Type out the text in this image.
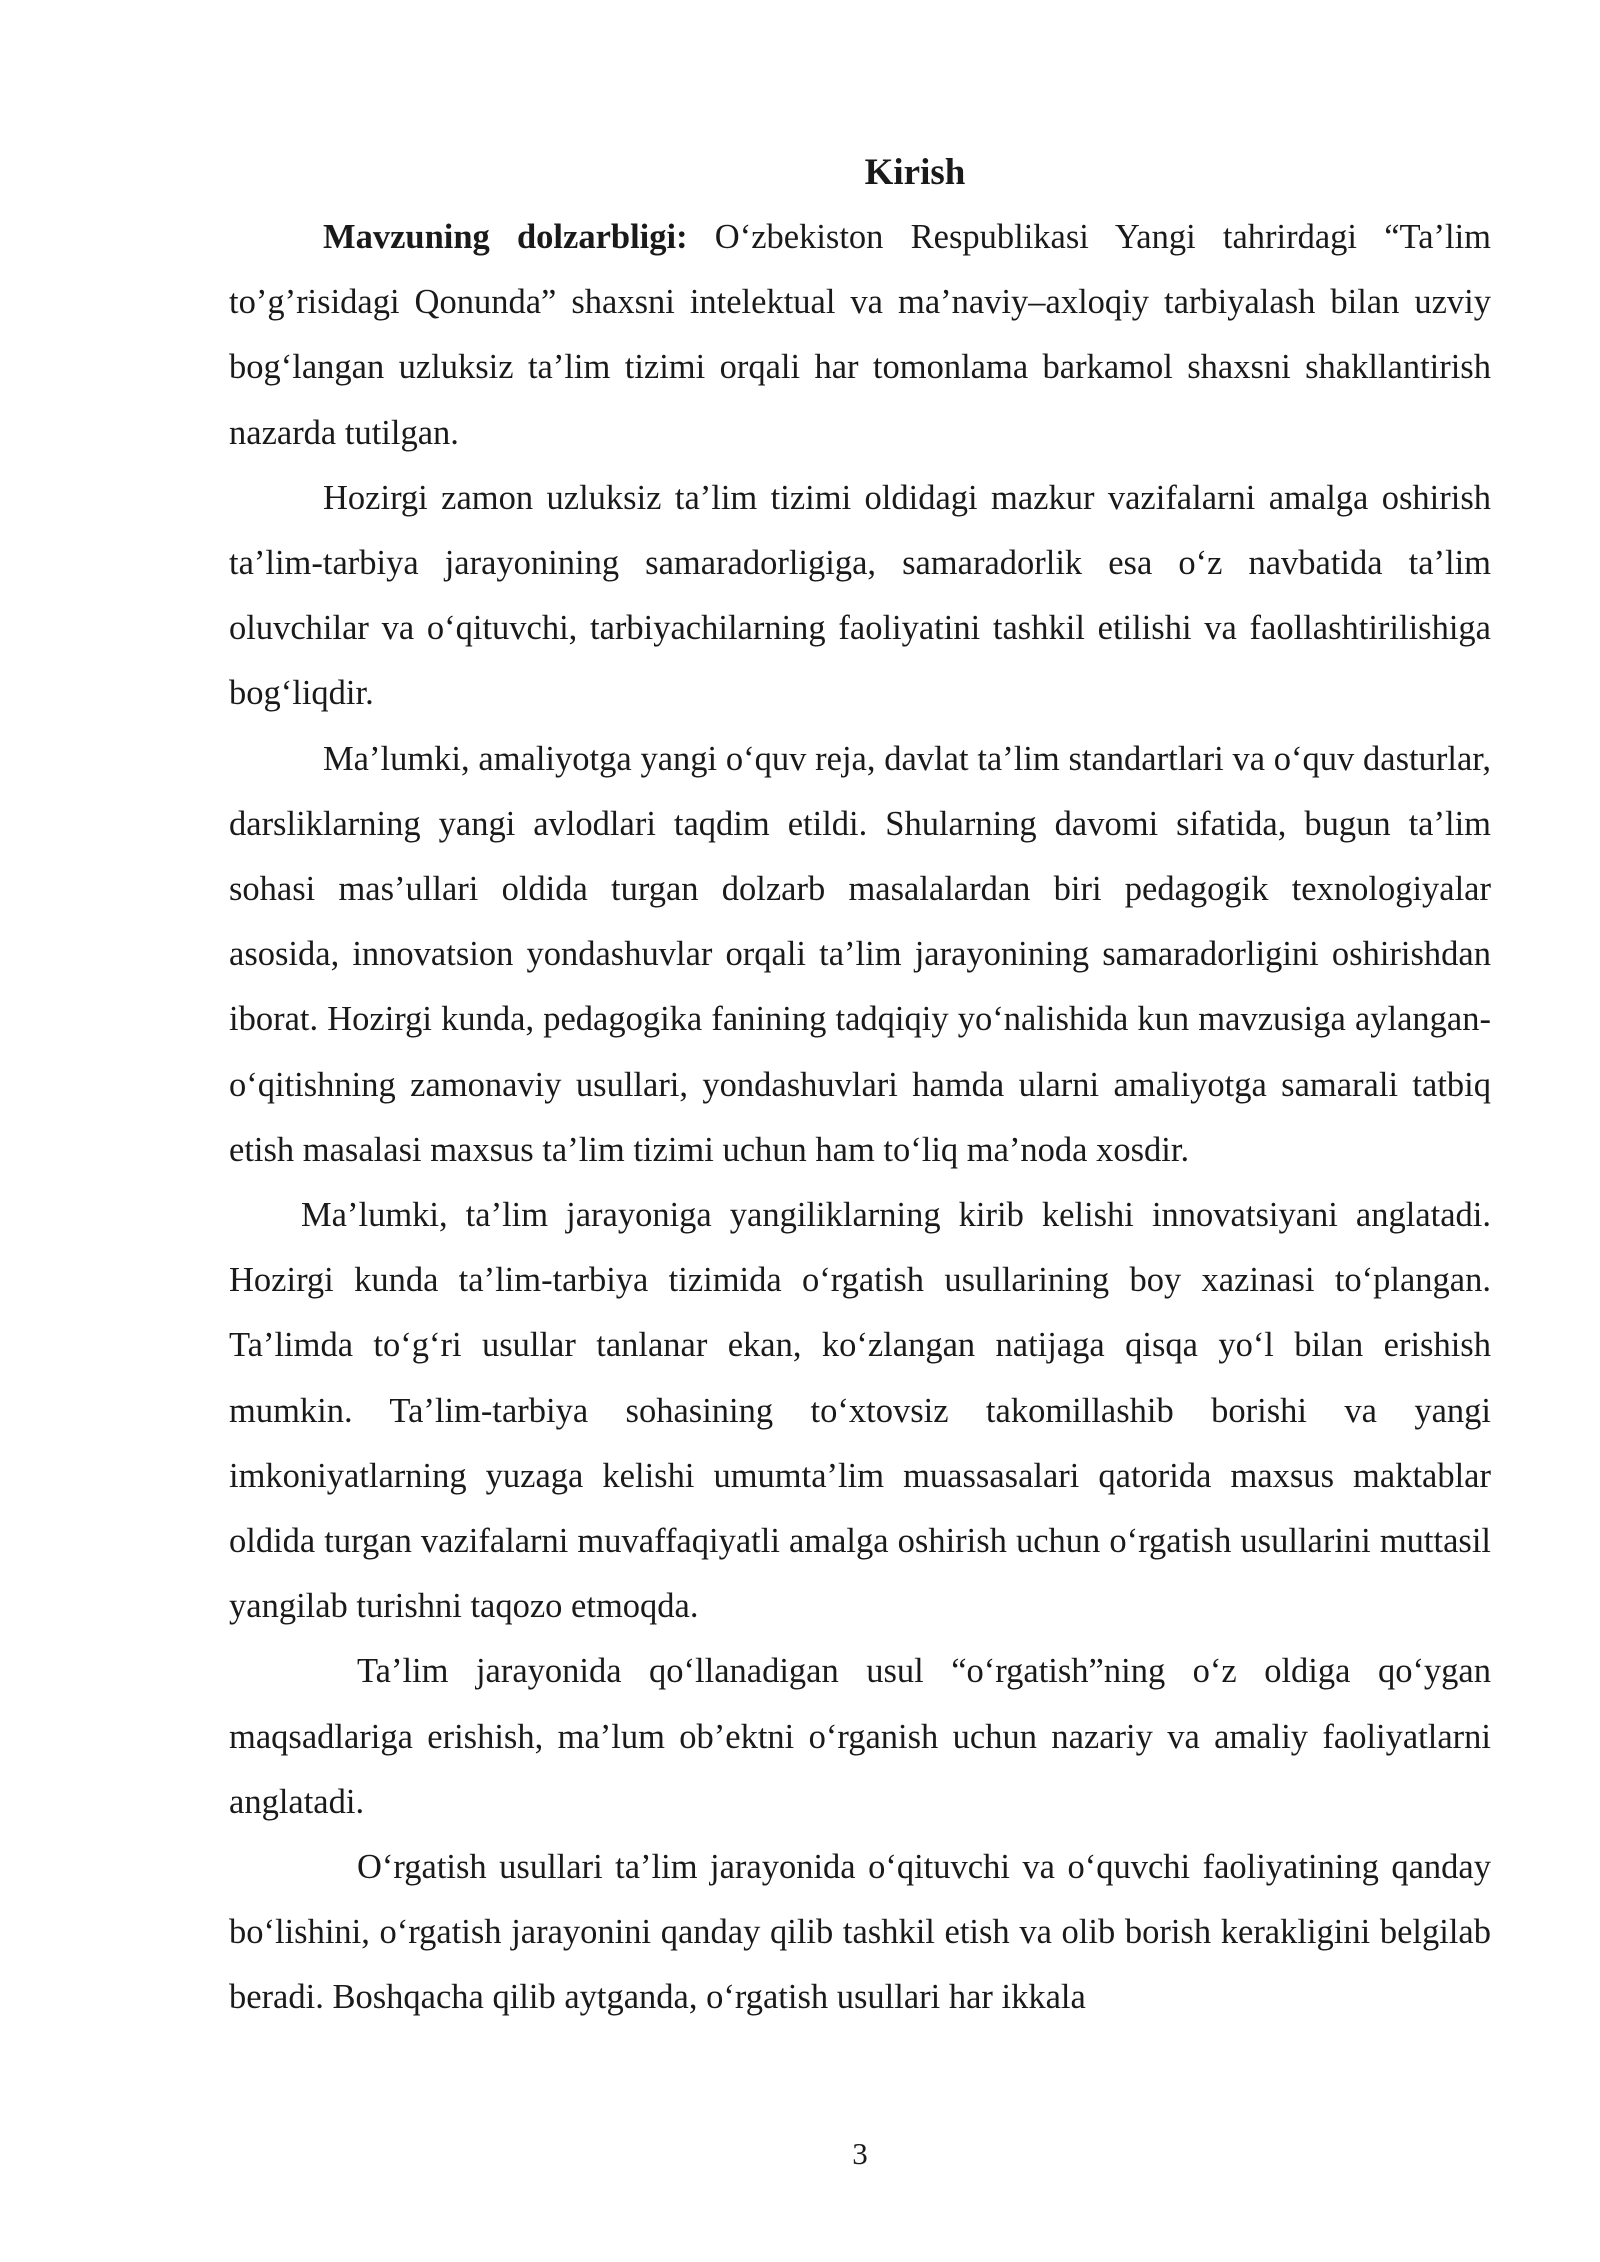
Kirish

Mavzuning dolzarbligi: O‘zbekiston Respublikasi Yangi tahrirdagi “Ta’lim to’g’risidagi Qonunda” shaxsni intelektual va ma’naviy–axloqiy tarbiyalash bilan uzviy bog‘langan uzluksiz ta’lim tizimi orqali har tomonlama barkamol shaxsni shakllantirish nazarda tutilgan.

Hozirgi zamon uzluksiz ta’lim tizimi oldidagi mazkur vazifalarni amalga oshirish ta’lim-tarbiya jarayonining samaradorligiga, samaradorlik esa o‘z navbatida ta’lim oluvchilar va o‘qituvchi, tarbiyachilarning faoliyatini tashkil etilishi va faollashtirilishiga bog‘liqdir.

Ma’lumki, amaliyotga yangi o‘quv reja, davlat ta’lim standartlari va o‘quv dasturlar, darsliklarning yangi avlodlari taqdim etildi. Shularning davomi sifatida, bugun ta’lim sohasi mas’ullari oldida turgan dolzarb masalalardan biri pedagogik texnologiyalar asosida, innovatsion yondashuvlar orqali ta’lim jarayonining samaradorligini oshirishdan iborat. Hozirgi kunda, pedagogika fanining tadqiqiy yo‘nalishida kun mavzusiga aylangan-o‘qitishning zamonaviy usullari, yondashuvlari hamda ularni amaliyotga samarali tatbiq etish masalasi maxsus ta’lim tizimi uchun ham to‘liq ma’noda xosdir.

Ma’lumki, ta’lim jarayoniga yangiliklarning kirib kelishi innovatsiyani anglatadi. Hozirgi kunda ta’lim-tarbiya tizimida o‘rgatish usullarining boy xazinasi to‘plangan. Ta’limda to‘g‘ri usullar tanlanar ekan, ko‘zlangan natijaga qisqa yo‘l bilan erishish mumkin. Ta’lim-tarbiya sohasining to‘xtovsiz takomillashib borishi va yangi imkoniyatlarning yuzaga kelishi umumta’lim muassasalari qatorida maxsus maktablar oldida turgan vazifalarni muvaffaqiyatli amalga oshirish uchun o‘rgatish usullarini muttasil yangilab turishni taqozo etmoqda.

Ta’lim jarayonida qo‘llanadigan usul “o‘rgatish”ning o‘z oldiga qo‘ygan maqsadlariga erishish, ma’lum ob’ektni o‘rganish uchun nazariy va amaliy faoliyatlarni anglatadi.

O‘rgatish usullari ta’lim jarayonida o‘qituvchi va o‘quvchi faoliyatining qanday bo‘lishini, o‘rgatish jarayonini qanday qilib tashkil etish va olib borish kerakligini belgilab beradi. Boshqacha qilib aytganda, o‘rgatish usullari har ikkala

3
